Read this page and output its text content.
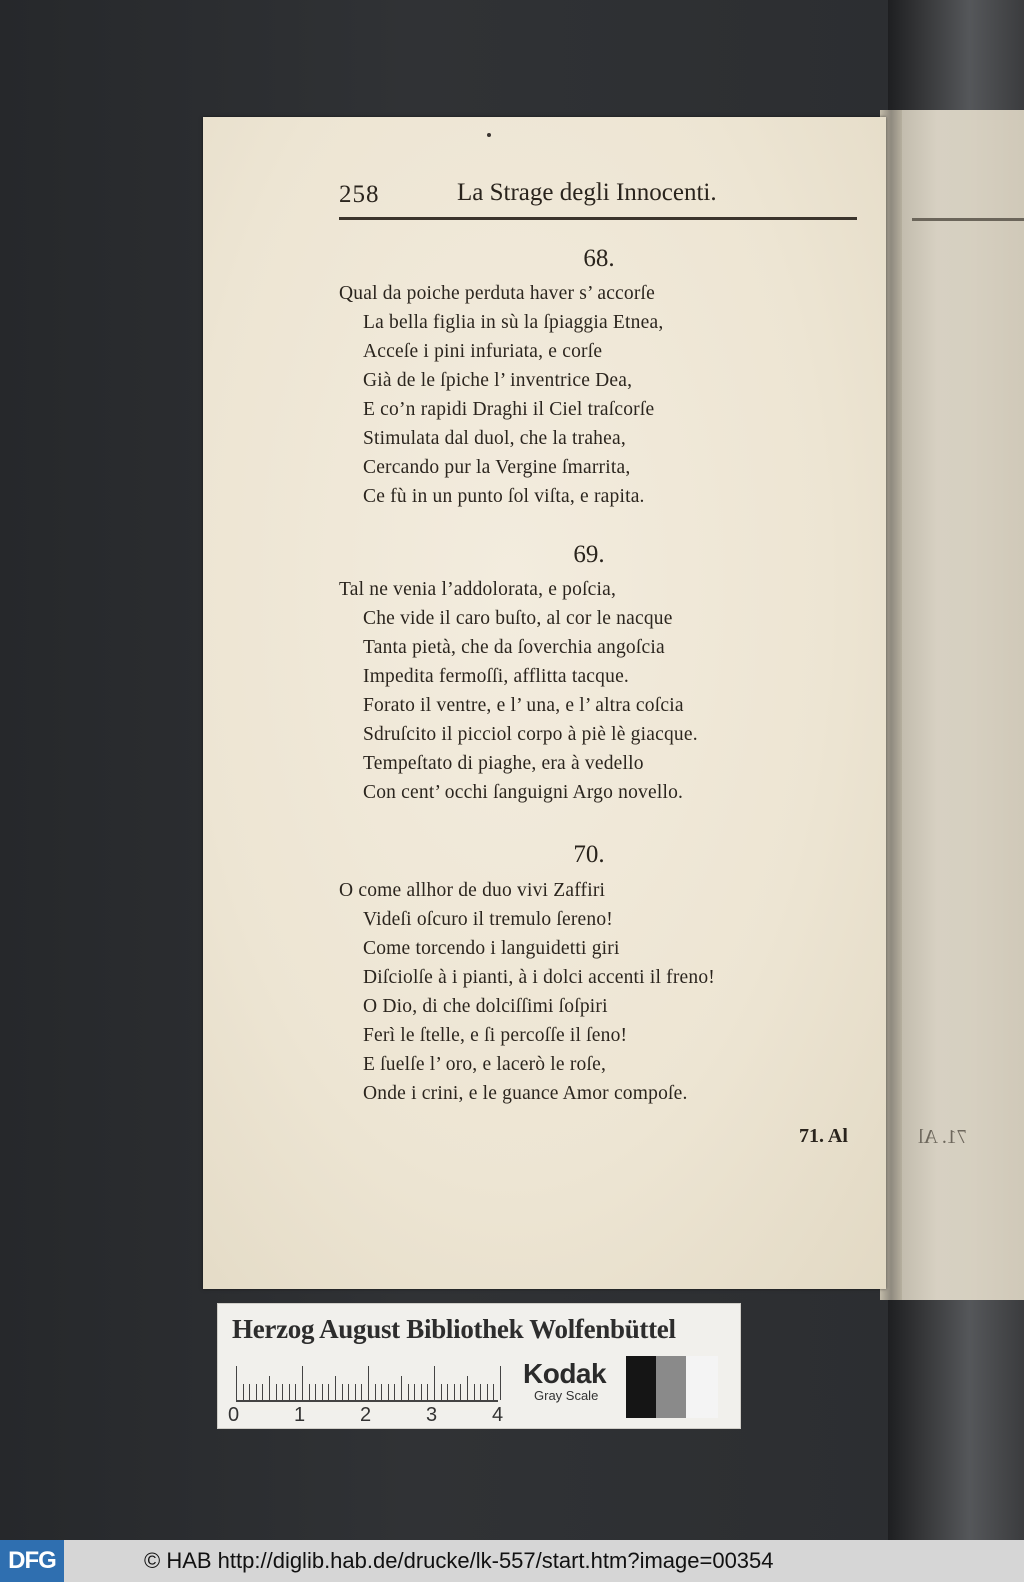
71. Al
258	La Strage degli Innocenti.
68.
Qual da poiche perduta haver s’ accorſe
La bella figlia in sù la ſpiaggia Etnea,
Acceſe i pini infuriata, e corſe
Già de le ſpiche l’ inventrice Dea,
E co’n rapidi Draghi il Ciel traſcorſe
Stimulata dal duol, che la trahea,
Cercando pur la Vergine ſmarrita,
Ce fù in un punto ſol viſta, e rapita.
69.
Tal ne venia l’addolorata, e poſcia,
Che vide il caro buſto, al cor le nacque
Tanta pietà, che da ſoverchia angoſcia
Impedita fermoſſi, afflitta tacque.
Forato il ventre, e l’ una, e l’ altra coſcia
Sdruſcito il picciol corpo à piè lè giacque.
Tempeſtato di piaghe, era à vedello
Con cent’ occhi ſanguigni Argo novello.
70.
O come allhor de duo vivi Zaffiri
Videſi oſcuro il tremulo ſereno!
Come torcendo i languidetti giri
Diſciolſe à i pianti, à i dolci accenti il freno!
O Dio, di che dolciſſimi ſoſpiri
Ferì le ſtelle, e ſi percoſſe il ſeno!
E ſuelſe l’ oro, e lacerò le roſe,
Onde i crini, e le guance Amor compoſe.
71. Al
Herzog August Bibliothek Wolfenbüttel
0	1	2	3	4
Kodak
Gray Scale
DFG	© HAB http://diglib.hab.de/drucke/lk-557/start.htm?image=00354
